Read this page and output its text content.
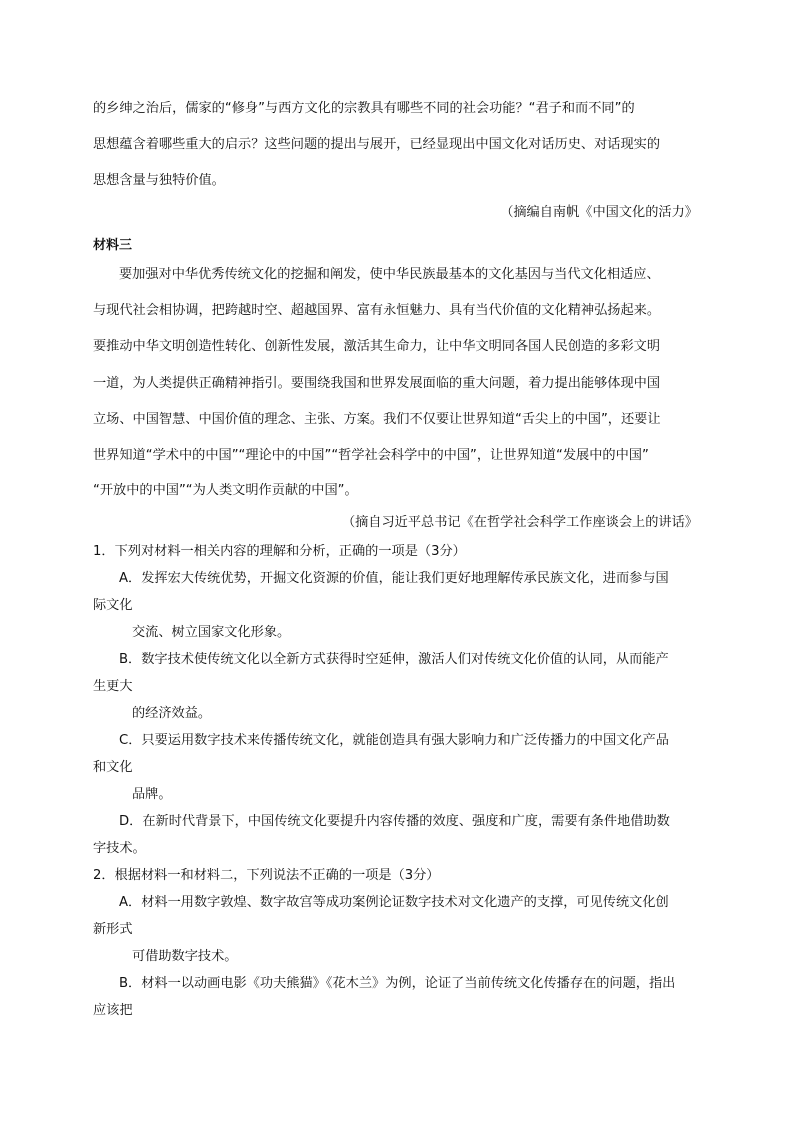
的乡绅之治后，儒家的“修身”与西方文化的宗教具有哪些不同的社会功能？“君子和而不同”的
思想蕴含着哪些重大的启示？这些问题的提出与展开，已经显现出中国文化对话历史、对话现实的
思想含量与独特价值。
（摘编自南帆《中国文化的活力》
材料三
要加强对中华优秀传统文化的挖掘和阐发，使中华民族最基本的文化基因与当代文化相适应、
与现代社会相协调，把跨越时空、超越国界、富有永恒魅力、具有当代价值的文化精神弘扬起来。
要推动中华文明创造性转化、创新性发展，激活其生命力，让中华文明同各国人民创造的多彩文明
一道，为人类提供正确精神指引。要围绕我国和世界发展面临的重大问题，着力提出能够体现中国
立场、中国智慧、中国价值的理念、主张、方案。我们不仅要让世界知道“舌尖上的中国”，还要让
世界知道“学术中的中国”“理论中的中国”“哲学社会科学中的中国”，让世界知道“发展中的中国”
“开放中的中国”“为人类文明作贡献的中国”。
（摘自习近平总书记《在哲学社会科学工作座谈会上的讲话》
1．下列对材料一相关内容的理解和分析，正确的一项是（3分）
A．发挥宏大传统优势，开掘文化资源的价值，能让我们更好地理解传承民族文化，进而参与国
际文化
交流、树立国家文化形象。
B．数字技术使传统文化以全新方式获得时空延伸，激活人们对传统文化价值的认同，从而能产
生更大
的经济效益。
C．只要运用数字技术来传播传统文化，就能创造具有强大影响力和广泛传播力的中国文化产品
和文化
品牌。
D．在新时代背景下，中国传统文化要提升内容传播的效度、强度和广度，需要有条件地借助数
字技术。
2．根据材料一和材料二，下列说法不正确的一项是（3分）
A．材料一用数字敦煌、数字故宫等成功案例论证数字技术对文化遗产的支撑，可见传统文化创
新形式
可借助数字技术。
B．材料一以动画电影《功夫熊猫》《花木兰》为例，论证了当前传统文化传播存在的问题，指出
应该把
